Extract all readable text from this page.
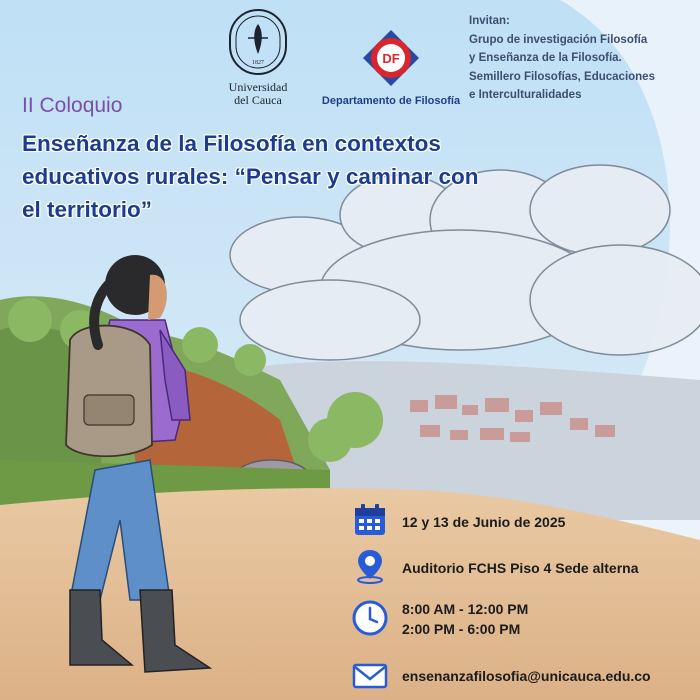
1827
Universidad
del Cauca
DF
Departamento de Filosofía
Invitan:
Grupo de investigación Filosofía
y Enseñanza de la Filosofía.
Semillero Filosofías, Educaciones
e Interculturalidades
II Coloquio
Enseñanza de la Filosofía en contextos
educativos rurales: “Pensar y caminar con
el territorio”
12 y 13 de Junio de 2025
Auditorio FCHS Piso 4 Sede alterna
8:00 AM - 12:00 PM
2:00 PM - 6:00 PM
ensenanzafilosofia@unicauca.edu.co
